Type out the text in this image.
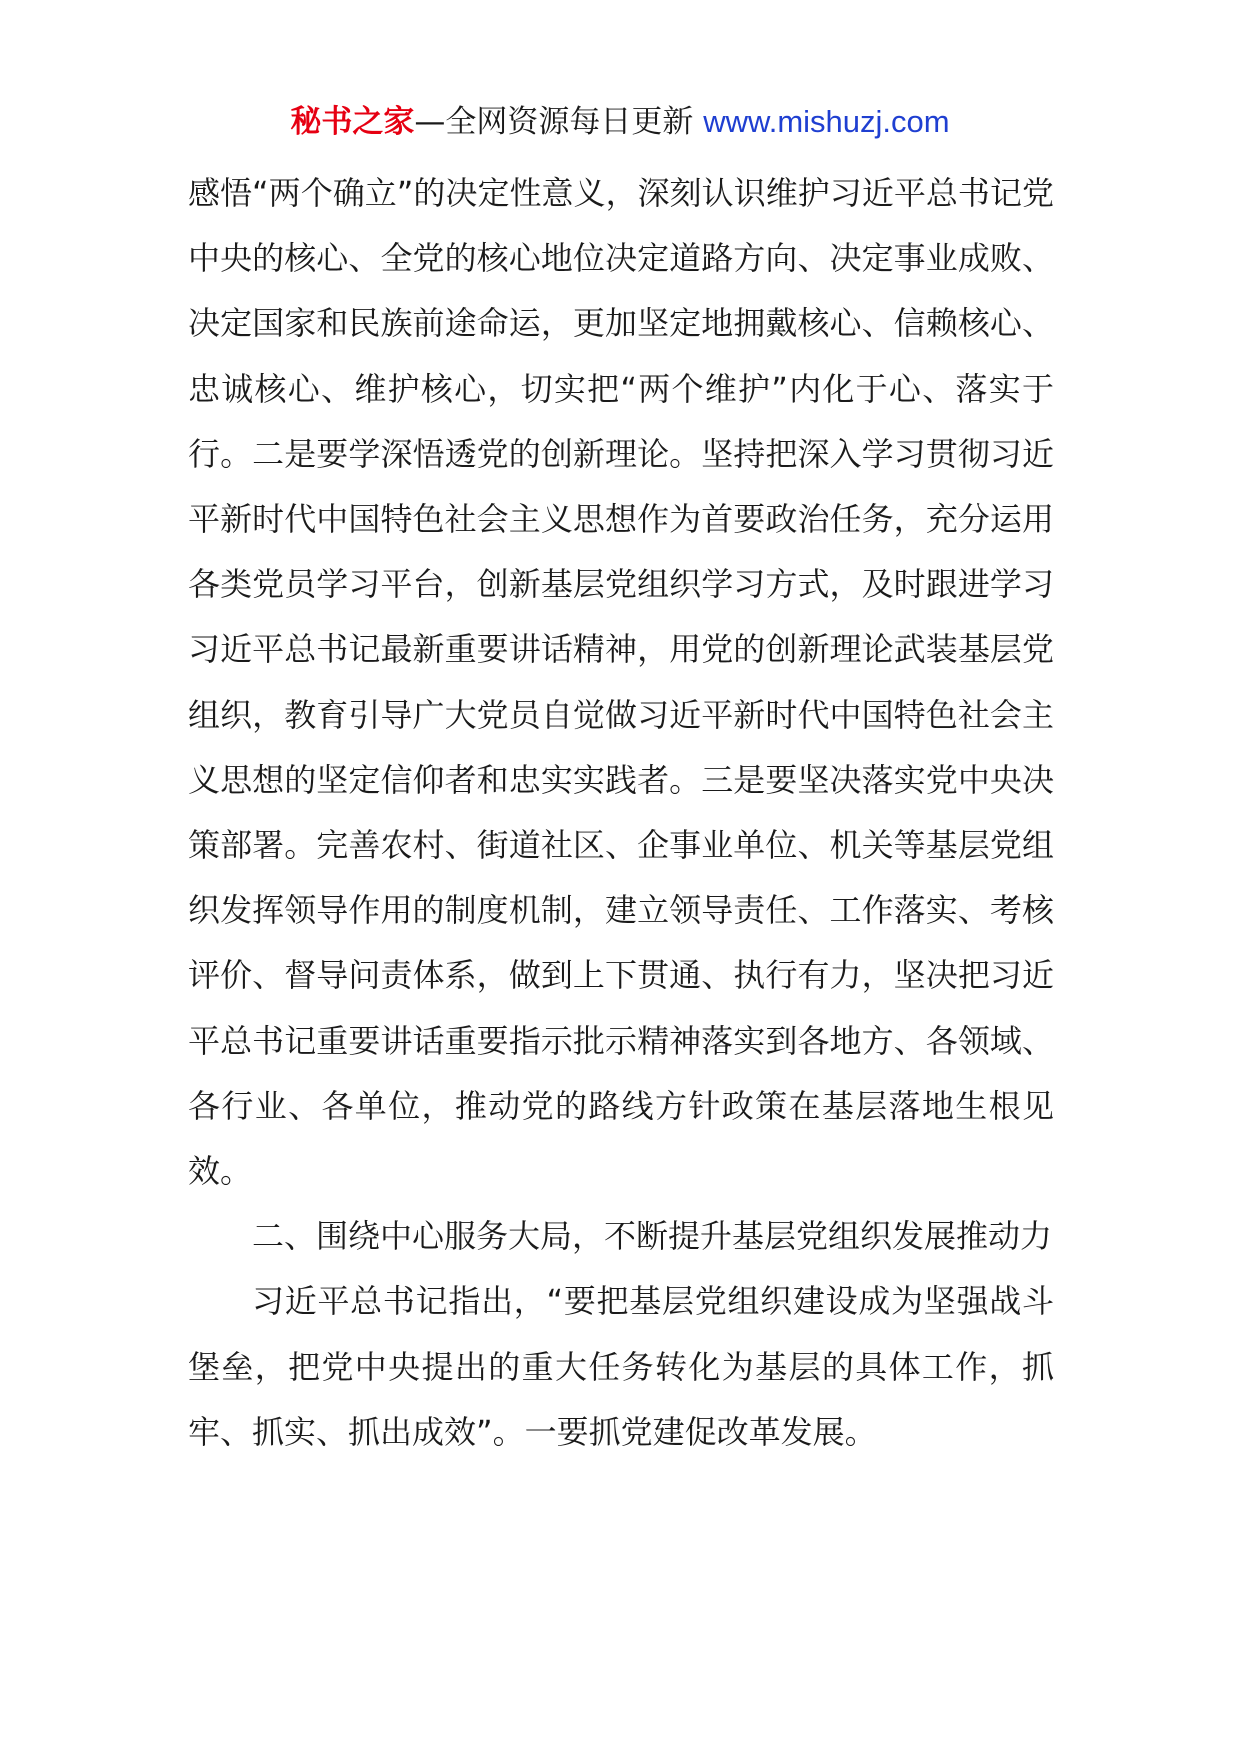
秘书之家—全网资源每日更新 www.mishuzj.com

感悟“两个确立”的决定性意义，深刻认识维护习近平总书记党中央的核心、全党的核心地位决定道路方向、决定事业成败、决定国家和民族前途命运，更加坚定地拥戴核心、信赖核心、忠诚核心、维护核心，切实把“两个维护”内化于心、落实于行。二是要学深悟透党的创新理论。坚持把深入学习贯彻习近平新时代中国特色社会主义思想作为首要政治任务，充分运用各类党员学习平台，创新基层党组织学习方式，及时跟进学习习近平总书记最新重要讲话精神，用党的创新理论武装基层党组织，教育引导广大党员自觉做习近平新时代中国特色社会主义思想的坚定信仰者和忠实实践者。三是要坚决落实党中央决策部署。完善农村、街道社区、企事业单位、机关等基层党组织发挥领导作用的制度机制，建立领导责任、工作落实、考核评价、督导问责体系，做到上下贯通、执行有力，坚决把习近平总书记重要讲话重要指示批示精神落实到各地方、各领域、各行业、各单位，推动党的路线方针政策在基层落地生根见效。

二、围绕中心服务大局，不断提升基层党组织发展推动力

习近平总书记指出，“要把基层党组织建设成为坚强战斗堡垒，把党中央提出的重大任务转化为基层的具体工作，抓牢、抓实、抓出成效”。一要抓党建促改革发展。
